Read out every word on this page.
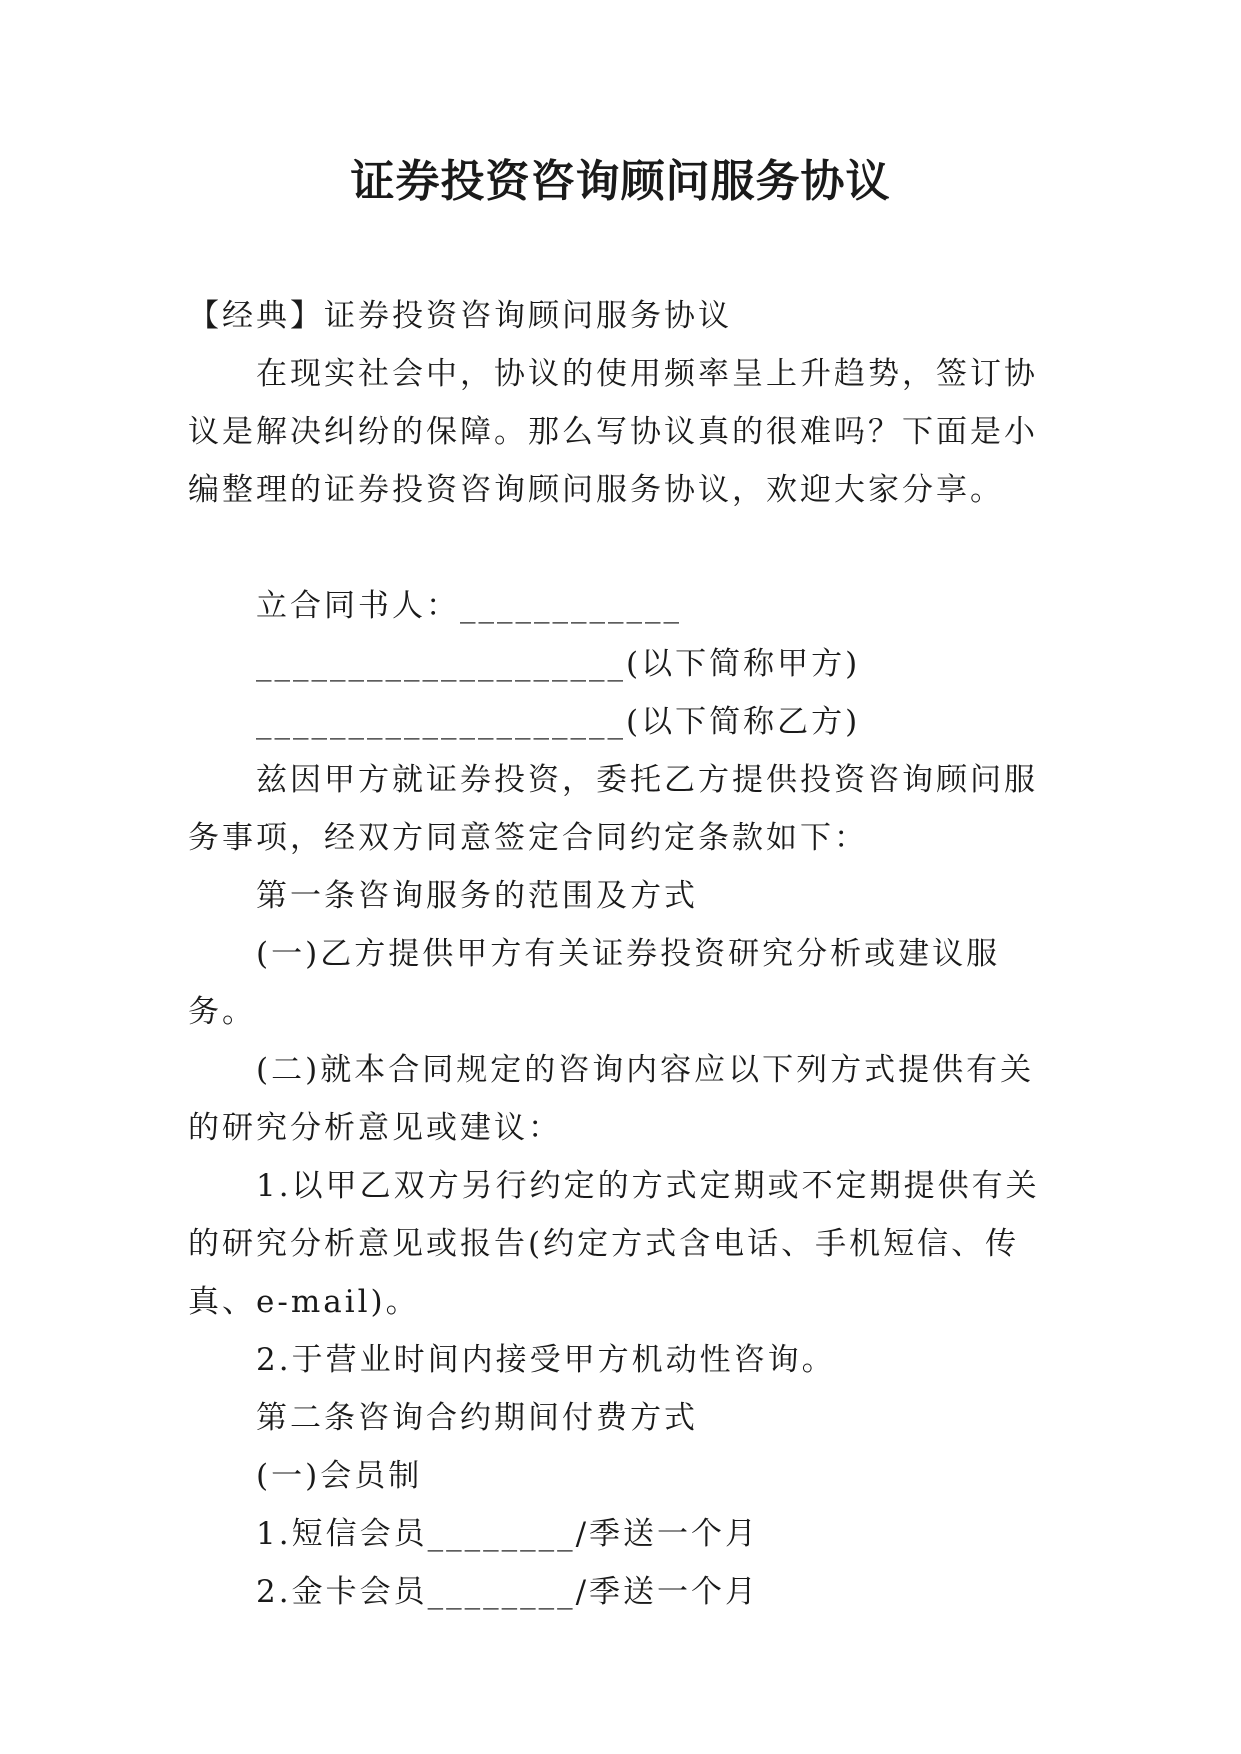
证券投资咨询顾问服务协议

【经典】证券投资咨询顾问服务协议

在现实社会中，协议的使用频率呈上升趋势，签订协议是解决纠纷的保障。那么写协议真的很难吗？下面是小编整理的证券投资咨询顾问服务协议，欢迎大家分享。

立合同书人：____________

____________________(以下简称甲方)

____________________(以下简称乙方)

兹因甲方就证券投资，委托乙方提供投资咨询顾问服务事项，经双方同意签定合同约定条款如下：

第一条咨询服务的范围及方式

(一)乙方提供甲方有关证券投资研究分析或建议服务。

(二)就本合同规定的咨询内容应以下列方式提供有关的研究分析意见或建议：

1.以甲乙双方另行约定的方式定期或不定期提供有关的研究分析意见或报告(约定方式含电话、手机短信、传真、e-mail)。

2.于营业时间内接受甲方机动性咨询。

第二条咨询合约期间付费方式

(一)会员制

1.短信会员________/季送一个月

2.金卡会员________/季送一个月
